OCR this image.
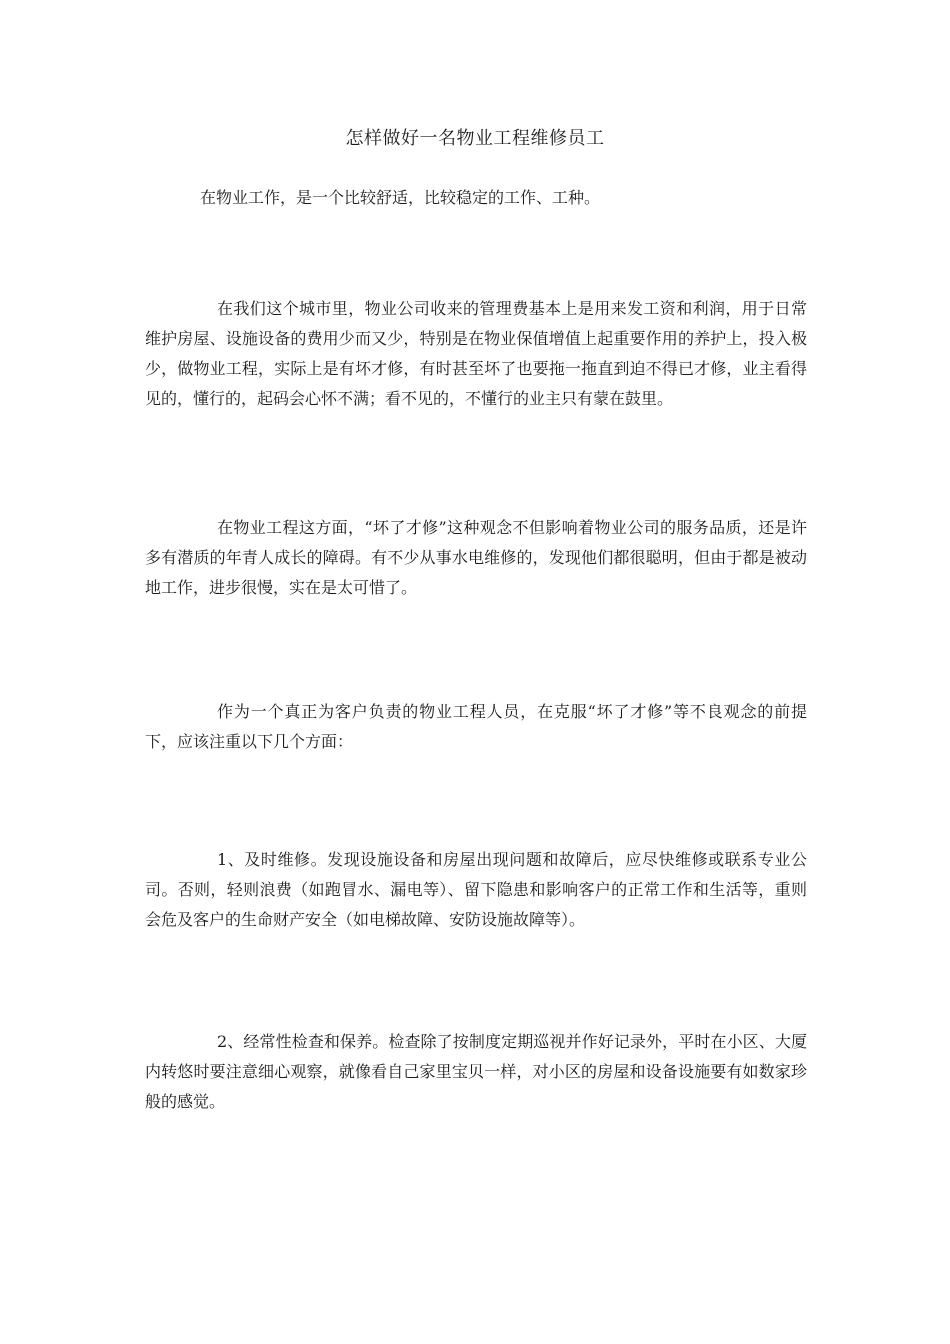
怎样做好一名物业工程维修员工

在物业工作，是一个比较舒适，比较稳定的工作、工种。

在我们这个城市里，物业公司收来的管理费基本上是用来发工资和利润，用于日常维护房屋、设施设备的费用少而又少，特别是在物业保值增值上起重要作用的养护上，投入极少，做物业工程，实际上是有坏才修，有时甚至坏了也要拖一拖直到迫不得已才修，业主看得见的，懂行的，起码会心怀不满；看不见的，不懂行的业主只有蒙在鼓里。

在物业工程这方面，“坏了才修”这种观念不但影响着物业公司的服务品质，还是许多有潜质的年青人成长的障碍。有不少从事水电维修的，发现他们都很聪明，但由于都是被动地工作，进步很慢，实在是太可惜了。

作为一个真正为客户负责的物业工程人员，在克服“坏了才修”等不良观念的前提下，应该注重以下几个方面：

1、及时维修。发现设施设备和房屋出现问题和故障后，应尽快维修或联系专业公司。否则，轻则浪费（如跑冒水、漏电等）、留下隐患和影响客户的正常工作和生活等，重则会危及客户的生命财产安全（如电梯故障、安防设施故障等）。

2、经常性检查和保养。检查除了按制度定期巡视并作好记录外，平时在小区、大厦内转悠时要注意细心观察，就像看自己家里宝贝一样，对小区的房屋和设备设施要有如数家珍般的感觉。
